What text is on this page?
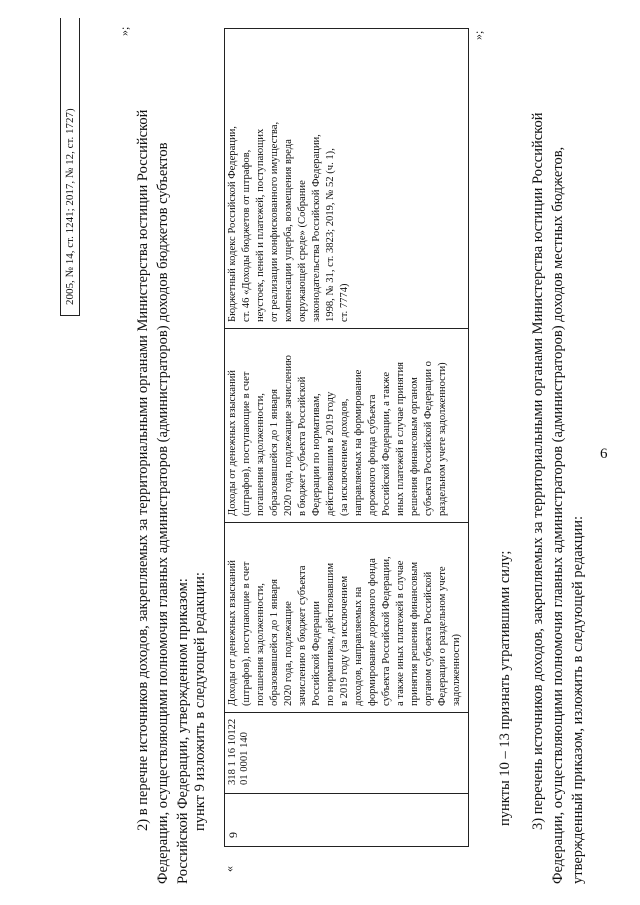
6
2005, № 14, ст. 1241; 2017, № 12, ст. 1727)
»;
2) в перечне источников доходов, закрепляемых за территориальными органами Министерства юстиции Российской Федерации, осуществляющими полномочия главных администраторов (администраторов) доходов бюджетов субъектов Российской Федерации, утвержденном приказом: пункт 9 изложить в следующей редакции:
«
»;
9
318 1 16 10122 01 0001 140
Доходы от денежных взысканий (штрафов), поступающие в счет погашения задолженности, образовавшейся до 1 января 2020 года, подлежащие зачислению в бюджет субъекта Российской Федерации по нормативам, действовавшим в 2019 году (за исключением доходов, направляемых на формирование дорожного фонда субъекта Российской Федерации, а также иных платежей в случае принятия решения финансовым органом субъекта Российской Федерации о раздельном учете задолженности)
Доходы от денежных взысканий (штрафов), поступающие в счет погашения задолженности, образовавшейся до 1 января 2020 года, подлежащие зачислению в бюджет субъекта Российской Федерации по нормативам, действовавшим в 2019 году (за исключением доходов, направляемых на формирование дорожного фонда субъекта Российской Федерации, а также иных платежей в случае принятия решения финансовым органом субъекта Российской Федерации о раздельном учете задолженности)
Бюджетный кодекс Российской Федерации, ст. 46 «Доходы бюджетов от штрафов, неустоек, пеней и платежей, поступающих от реализации конфискованного имущества, компенсации ущерба, возмещения вреда окружающей среде» (Собрание законодательства Российской Федерации, 1998, № 31, ст. 3823; 2019, № 52 (ч. 1), ст. 7774)
пункты 10 – 13 признать утратившими силу; 3) перечень источников доходов, закрепляемых за территориальными органами Министерства юстиции Российской Федерации, осуществляющими полномочия главных администраторов (администраторов) доходов местных бюджетов, утвержденный приказом, изложить в следующей редакции:
